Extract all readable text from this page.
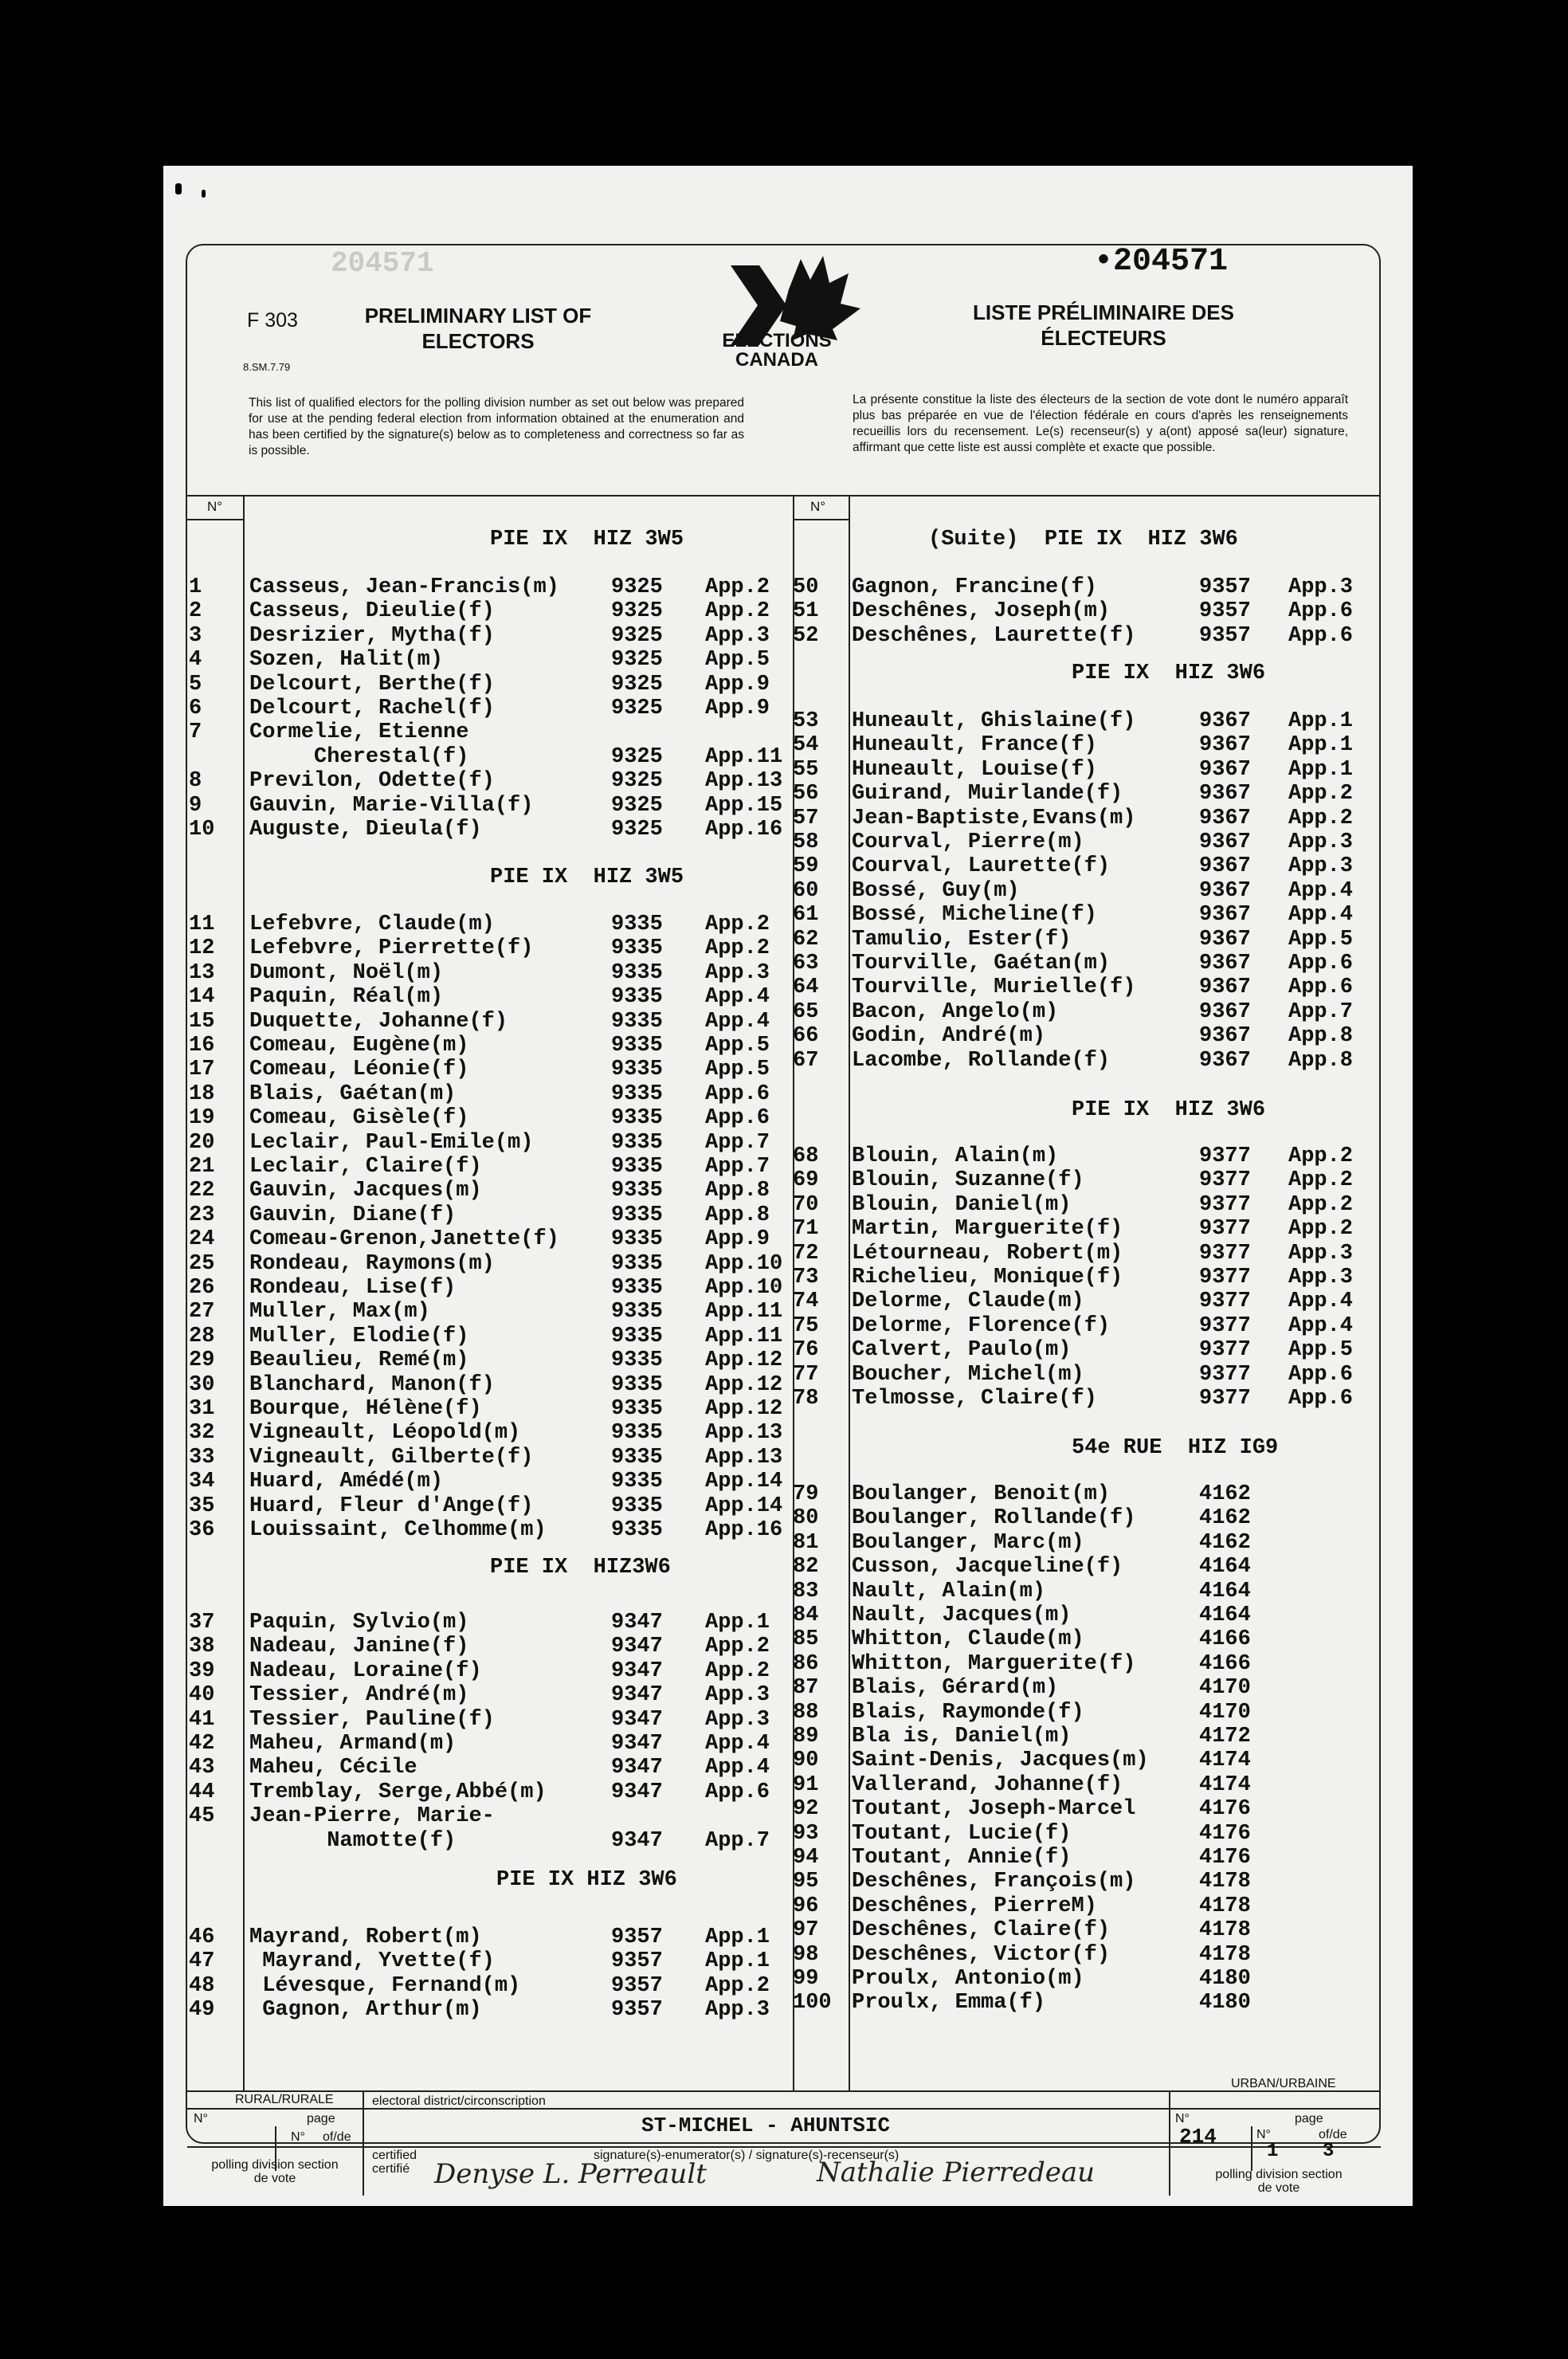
F 303
8.SM.7.79
PRELIMINARY LIST OF ELECTORS
LISTE PRÉLIMINAIRE DES ÉLECTEURS
204571	•204571
ELECTIONS CANADA
This list of qualified electors for the polling division number as set out below was prepared for use at the pending federal election from information obtained at the enumeration and has been certified by the signature(s) below as to completeness and correctness so far as is possible.
La présente constitue la liste des électeurs de la section de vote dont le numéro apparaît plus bas préparée en vue de l'élection fédérale en cours d'après les renseignements recueillis lors du recensement. Le(s) recenseur(s) y a(ont) apposé sa(leur) signature, affirmant que cette liste est aussi complète et exacte que possible.
N°	N°
PIE IX  HIZ 3W5
PIE IX  HIZ 3W5
PIE IX  HIZ3W6
PIE IX HIZ 3W6
(Suite)  PIE IX  HIZ 3W6
PIE IX  HIZ 3W6
PIE IX  HIZ 3W6
54e RUE  HIZ IG9
1 Casseus, Jean-Francis(m) 9325 App.2
2 Casseus, Dieulie(f)	9325 App.2
3 Desrizier, Mytha(f)	9325 App.3
4 Sozen, Halit(m)	9325 App.5
5 Delcourt, Berthe(f)	9325 App.9
6 Delcourt, Rachel(f)	9325 App.9
7 Cormelie, Etienne
Cherestal(f)	9325 App.11
8 Previlon, Odette(f)	9325 App.13
9 Gauvin, Marie-Villa(f)	9325 App.15
10 Auguste, Dieula(f)	9325 App.16
11 Lefebvre, Claude(m)	9335 App.2
12 Lefebvre, Pierrette(f)	9335 App.2
13 Dumont, Noël(m)	9335 App.3
14 Paquin, Réal(m)	9335 App.4
15 Duquette, Johanne(f)	9335 App.4
16 Comeau, Eugène(m)	9335 App.5
17 Comeau, Léonie(f)	9335 App.5
18 Blais, Gaétan(m)	9335 App.6
19 Comeau, Gisèle(f)	9335 App.6
20 Leclair, Paul-Emile(m)	9335 App.7
21 Leclair, Claire(f)	9335 App.7
22 Gauvin, Jacques(m)	9335 App.8
23 Gauvin, Diane(f)	9335 App.8
24 Comeau-Grenon,Janette(f) 9335 App.9
25 Rondeau, Raymons(m)	9335 App.10
26 Rondeau, Lise(f)	9335 App.10
27 Muller, Max(m)	9335 App.11
28 Muller, Elodie(f)	9335 App.11
29 Beaulieu, Remé(m)	9335 App.12
30 Blanchard, Manon(f)	9335 App.12
31 Bourque, Hélène(f)	9335 App.12
32 Vigneault, Léopold(m)	9335 App.13
33 Vigneault, Gilberte(f)	9335 App.13
34 Huard, Amédé(m)	9335 App.14
35 Huard, Fleur d'Ange(f)	9335 App.14
36 Louissaint, Celhomme(m)	9335 App.16
37 Paquin, Sylvio(m)	9347 App.1
38 Nadeau, Janine(f)	9347 App.2
39 Nadeau, Loraine(f)	9347 App.2
40 Tessier, André(m)	9347 App.3
41 Tessier, Pauline(f)	9347 App.3
42 Maheu, Armand(m)	9347 App.4
43 Maheu, Cécile	9347 App.4
44 Tremblay, Serge,Abbé(m)	9347 App.6
45 Jean-Pierre, Marie-
Namotte(f)	9347 App.7
46 Mayrand, Robert(m)	9357 App.1
47 Mayrand, Yvette(f)	9357 App.1
48 Lévesque, Fernand(m)	9357 App.2
49 Gagnon, Arthur(m)	9357 App.3
50 Gagnon, Francine(f)	9357 App.3
51 Deschênes, Joseph(m)	9357 App.6
52 Deschênes, Laurette(f)	9357 App.6
53 Huneault, Ghislaine(f)	9367 App.1
54 Huneault, France(f)	9367 App.1
55 Huneault, Louise(f)	9367 App.1
56 Guirand, Muirlande(f)	9367 App.2
57 Jean-Baptiste,Evans(m)	9367 App.2
58 Courval, Pierre(m)	9367 App.3
59 Courval, Laurette(f)	9367 App.3
60 Bossé, Guy(m)	9367 App.4
61 Bossé, Micheline(f)	9367 App.4
62 Tamulio, Ester(f)	9367 App.5
63 Tourville, Gaétan(m)	9367 App.6
64 Tourville, Murielle(f)	9367 App.6
65 Bacon, Angelo(m)	9367 App.7
66 Godin, André(m)	9367 App.8
67 Lacombe, Rollande(f)	9367 App.8
68 Blouin, Alain(m)	9377 App.2
69 Blouin, Suzanne(f)	9377 App.2
70 Blouin, Daniel(m)	9377 App.2
71 Martin, Marguerite(f)	9377 App.2
72 Létourneau, Robert(m)	9377 App.3
73 Richelieu, Monique(f)	9377 App.3
74 Delorme, Claude(m)	9377 App.4
75 Delorme, Florence(f)	9377 App.4
76 Calvert, Paulo(m)	9377 App.5
77 Boucher, Michel(m)	9377 App.6
78 Telmosse, Claire(f)	9377 App.6
79 Boulanger, Benoit(m)	4162
80 Boulanger, Rollande(f)	4162
81 Boulanger, Marc(m)	4162
82 Cusson, Jacqueline(f)	4164
83 Nault, Alain(m)	4164
84 Nault, Jacques(m)	4164
85 Whitton, Claude(m)	4166
86 Whitton, Marguerite(f)	4166
87 Blais, Gérard(m)	4170
88 Blais, Raymonde(f)	4170
89 Bla is, Daniel(m)	4172
90 Saint-Denis, Jacques(m) 4174
91 Vallerand, Johanne(f)	4174
92 Toutant, Joseph-Marcel	4176
93 Toutant, Lucie(f)	4176
94 Toutant, Annie(f)	4176
95 Deschênes, François(m)	4178
96 Deschênes, PierreM)	4178
97 Deschênes, Claire(f)	4178
98 Deschênes, Victor(f)	4178
99 Proulx, Antonio(m)	4180
100 Proulx, Emma(f)	4180
RURAL/RURALE
URBAN/URBAINE
N°	page
N° of/de
polling division section de vote
electoral district/circonscription
ST-MICHEL - AHUNTSIC
certified certifié
signature(s)-enumerator(s) / signature(s)-recenseur(s)
Denyse L. Perreault	Nathalie Pierredeau
N°	page
214	N°	of/de
1 3
polling division section de vote
